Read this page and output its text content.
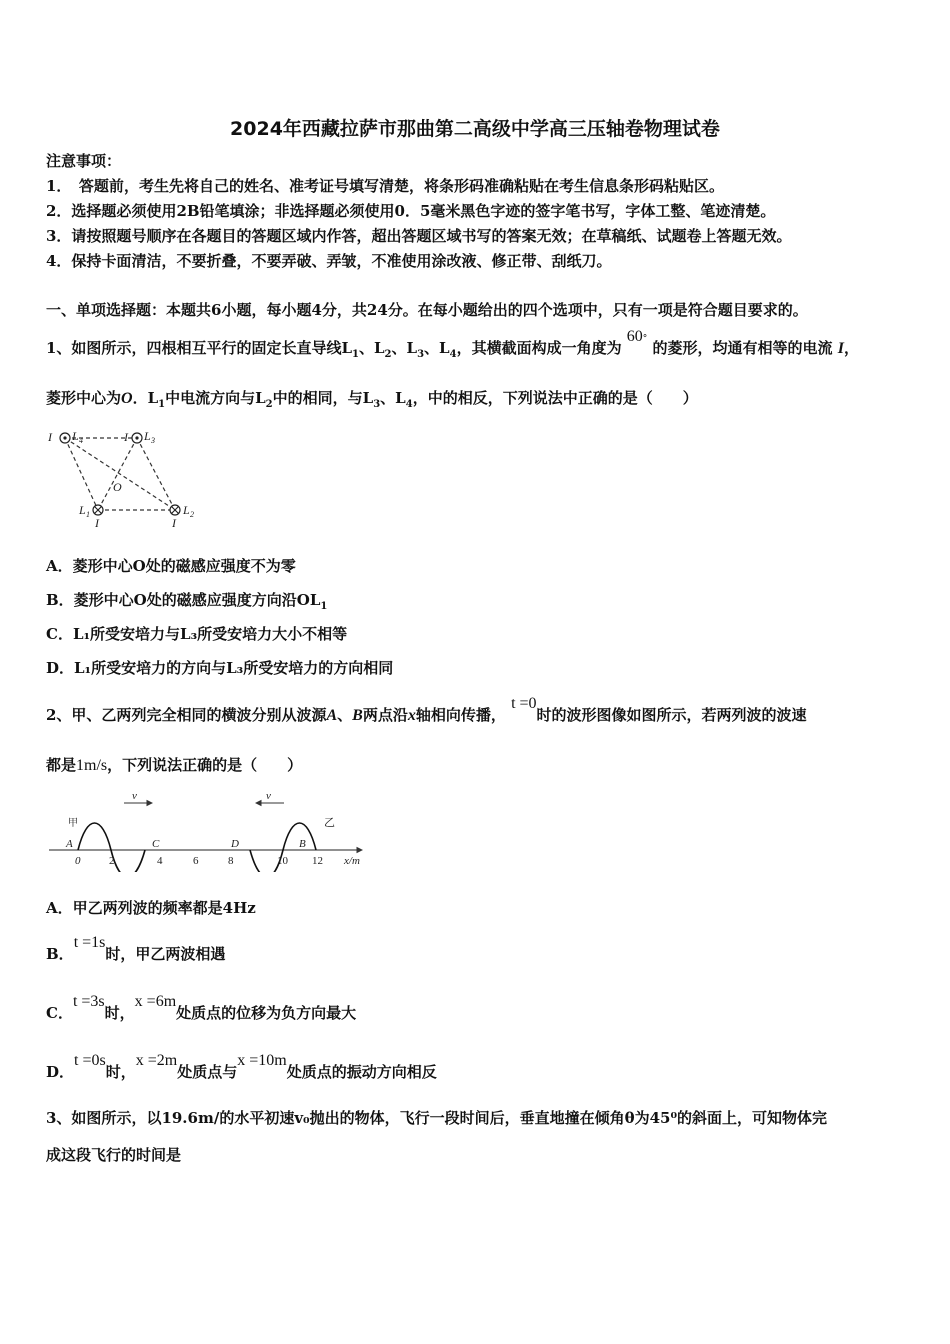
2024年西藏拉萨市那曲第二高级中学高三压轴卷物理试卷
注意事项：
1．　答题前，考生先将自己的姓名、准考证号填写清楚，将条形码准确粘贴在考生信息条形码粘贴区。
2．选择题必须使用2B铅笔填涂；非选择题必须使用0．5毫米黑色字迹的签字笔书写，字体工整、笔迹清楚。
3．请按照题号顺序在各题目的答题区域内作答，超出答题区域书写的答案无效；在草稿纸、试题卷上答题无效。
4．保持卡面清洁，不要折叠，不要弄破、弄皱，不准使用涂改液、修正带、刮纸刀。
一、单项选择题：本题共6小题，每小题4分，共24分。在每小题给出的四个选项中，只有一项是符合题目要求的。
1、如图所示，四根相互平行的固定长直导线$L_1$、$L_2$、$L_3$、$L_4$，其横截面构成一角度为 60° 的菱形，均通有相等的电流 I，
菱形中心为O．$L_1$中电流方向与$L_2$中的相同，与$L_3$、$L_4$，中的相反，下列说法中正确的是（　　）
I L 4	I L 3
O
L 1
I
L 2
I
A．菱形中心O处的磁感应强度不为零
B．菱形中心O处的磁感应强度方向沿$OL_1$
C．L₁所受安培力与L₃所受安培力大小不相等
D．L₁所受安培力的方向与L₃所受安培力的方向相同
2、甲、乙两列完全相同的横波分别从波源A、B两点沿x轴相向传播， t =0时的波形图像如图所示，若两列波的波速
都是1m/s，下列说法正确的是（　　）
v	v
甲	乙
A	C	D	B
0	2	4	6	8	10 12 x/m
A．甲乙两列波的频率都是4Hz
B．t =1s时，甲乙两波相遇
C．t =3s时，x =6m处质点的位移为负方向最大
D．t =0s时，x =2m处质点与x =10m处质点的振动方向相反
3、如图所示，以19.6m/的水平初速v₀抛出的物体，飞行一段时间后，垂直地撞在倾角θ为45⁰的斜面上，可知物体完
成这段飞行的时间是
